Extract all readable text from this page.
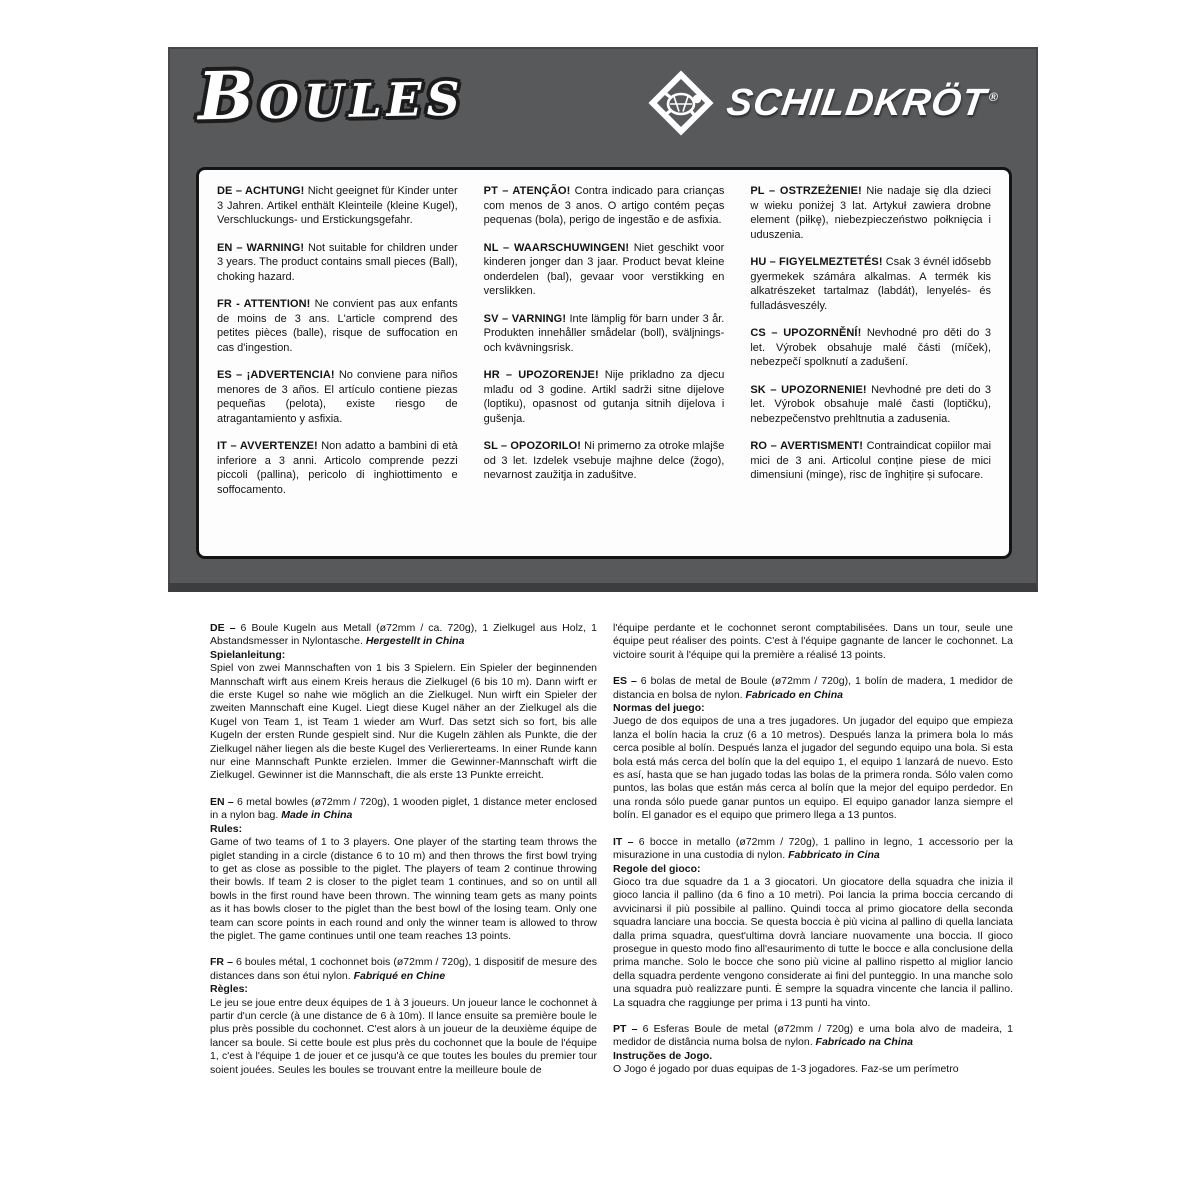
Boules	SCHILDKRÖT®

DE – ACHTUNG! Nicht geeignet für Kinder unter 3 Jahren. Artikel enthält Kleinteile (kleine Kugel), Verschluckungs- und Erstickungsgefahr.

EN – WARNING! Not suitable for children under 3 years. The product contains small pieces (Ball), choking hazard.

FR - ATTENTION! Ne convient pas aux enfants de moins de 3 ans. L'article comprend des petites pièces (balle), risque de suffocation en cas d'ingestion.

ES – ¡ADVERTENCIA! No conviene para niños menores de 3 años. El artículo contiene piezas pequeñas (pelota), existe riesgo de atragantamiento y asfixia.

IT – AVVERTENZE! Non adatto a bambini di età inferiore a 3 anni. Articolo comprende pezzi piccoli (pallina), pericolo di inghiottimento e soffocamento.

PT – ATENÇÃO! Contra indicado para crianças com menos de 3 anos. O artigo contém peças pequenas (bola), perigo de ingestão e de asfixia.

NL – WAARSCHUWINGEN! Niet geschikt voor kinderen jonger dan 3 jaar. Product bevat kleine onderdelen (bal), gevaar voor verstikking en verslikken.

SV – VARNING! Inte lämplig för barn under 3 år. Produkten innehåller smådelar (boll), sväljnings- och kvävningsrisk.

HR – UPOZORENJE! Nije prikladno za djecu mlađu od 3 godine. Artikl sadrži sitne dijelove (loptiku), opasnost od gutanja sitnih dijelova i gušenja.

SL – OPOZORILO! Ni primerno za otroke mlajše od 3 let. Izdelek vsebuje majhne delce (žogo), nevarnost zaužitja in zadušitve.

PL – OSTRZEŻENIE! Nie nadaje się dla dzieci w wieku poniżej 3 lat. Artykuł zawiera drobne element (piłkę), niebezpieczeństwo połknięcia i uduszenia.

HU – FIGYELMEZTETÉS! Csak 3 évnél idősebb gyermekek számára alkalmas. A termék kis alkatrészeket tartalmaz (labdát), lenyelés- és fulladásveszély.

CS – UPOZORNĚNÍ! Nevhodné pro děti do 3 let. Výrobek obsahuje malé části (míček), nebezpečí spolknutí a zadušení.

SK – UPOZORNENIE! Nevhodné pre deti do 3 let. Výrobok obsahuje malé časti (loptičku), nebezpečenstvo prehltnutia a zadusenia.

RO – AVERTISMENT! Contraindicat copiilor mai mici de 3 ani. Articolul conține piese de mici dimensiuni (minge), risc de înghițire și sufocare.

DE – 6 Boule Kugeln aus Metall (ø72mm / ca. 720g), 1 Zielkugel aus Holz, 1 Abstandsmesser in Nylontasche. Hergestellt in China

Spielanleitung:

Spiel von zwei Mannschaften von 1 bis 3 Spielern. Ein Spieler der beginnenden Mannschaft wirft aus einem Kreis heraus die Zielkugel (6 bis 10 m). Dann wirft er die erste Kugel so nahe wie möglich an die Zielkugel. Nun wirft ein Spieler der zweiten Mannschaft eine Kugel. Liegt diese Kugel näher an der Zielkugel als die Kugel von Team 1, ist Team 1 wieder am Wurf. Das setzt sich so fort, bis alle Kugeln der ersten Runde gespielt sind. Nur die Kugeln zählen als Punkte, die der Zielkugel näher liegen als die beste Kugel des Verliererteams. In einer Runde kann nur eine Mannschaft Punkte erzielen. Immer die Gewinner-Mannschaft wirft die Zielkugel. Gewinner ist die Mannschaft, die als erste 13 Punkte erreicht.

EN – 6 metal bowles (ø72mm / 720g), 1 wooden piglet, 1 distance meter enclosed in a nylon bag. Made in China

Rules:

Game of two teams of 1 to 3 players. One player of the starting team throws the piglet standing in a circle (distance 6 to 10 m) and then throws the first bowl trying to get as close as possible to the piglet. The players of team 2 continue throwing their bowls. If team 2 is closer to the piglet team 1 continues, and so on until all bowls in the first round have been thrown. The winning team gets as many points as it has bowls closer to the piglet than the best bowl of the losing team. Only one team can score points in each round and only the winner team is allowed to throw the piglet. The game continues until one team reaches 13 points.

FR – 6 boules métal, 1 cochonnet bois (ø72mm / 720g), 1 dispositif de mesure des distances dans son étui nylon. Fabriqué en Chine

Règles:

Le jeu se joue entre deux équipes de 1 à 3 joueurs. Un joueur lance le cochonnet à partir d'un cercle (à une distance de 6 à 10m). Il lance ensuite sa première boule le plus près possible du cochonnet. C'est alors à un joueur de la deuxième équipe de lancer sa boule. Si cette boule est plus près du cochonnet que la boule de l'équipe 1, c'est à l'équipe 1 de jouer et ce jusqu'à ce que toutes les boules du premier tour soient jouées. Seules les boules se trouvant entre la meilleure boule de

l'équipe perdante et le cochonnet seront comptabilisées. Dans un tour, seule une équipe peut réaliser des points. C'est à l'équipe gagnante de lancer le cochonnet. La victoire sourit à l'équipe qui la première a réalisé 13 points.

ES – 6 bolas de metal de Boule (ø72mm / 720g), 1 bolín de madera, 1 medidor de distancia en bolsa de nylon. Fabricado en China

Normas del juego:

Juego de dos equipos de una a tres jugadores. Un jugador del equipo que empieza lanza el bolín hacia la cruz (6 a 10 metros). Después lanza la primera bola lo más cerca posible al bolín. Después lanza el jugador del segundo equipo una bola. Si esta bola está más cerca del bolín que la del equipo 1, el equipo 1 lanzará de nuevo. Esto es así, hasta que se han jugado todas las bolas de la primera ronda. Sólo valen como puntos, las bolas que están más cerca al bolín que la mejor del equipo perdedor. En una ronda sólo puede ganar puntos un equipo. El equipo ganador lanza siempre el bolín. El ganador es el equipo que primero llega a 13 puntos.

IT – 6 bocce in metallo (ø72mm / 720g), 1 pallino in legno, 1 accessorio per la misurazione in una custodia di nylon. Fabbricato in Cina

Regole del gioco:

Gioco tra due squadre da 1 a 3 giocatori. Un giocatore della squadra che inizia il gioco lancia il pallino (da 6 fino a 10 metri). Poi lancia la prima boccia cercando di avvicinarsi il più possibile al pallino. Quindi tocca al primo giocatore della seconda squadra lanciare una boccia. Se questa boccia è più vicina al pallino di quella lanciata dalla prima squadra, quest'ultima dovrà lanciare nuovamente una boccia. Il gioco prosegue in questo modo fino all'esaurimento di tutte le bocce e alla conclusione della prima manche. Solo le bocce che sono più vicine al pallino rispetto al miglior lancio della squadra perdente vengono considerate ai fini del punteggio. In una manche solo una squadra può realizzare punti. È sempre la squadra vincente che lancia il pallino. La squadra che raggiunge per prima i 13 punti ha vinto.

PT – 6 Esferas Boule de metal (ø72mm / 720g) e uma bola alvo de madeira, 1 medidor de distância numa bolsa de nylon. Fabricado na China

Instruções de Jogo.

O Jogo é jogado por duas equipas de 1-3 jogadores. Faz-se um perímetro
